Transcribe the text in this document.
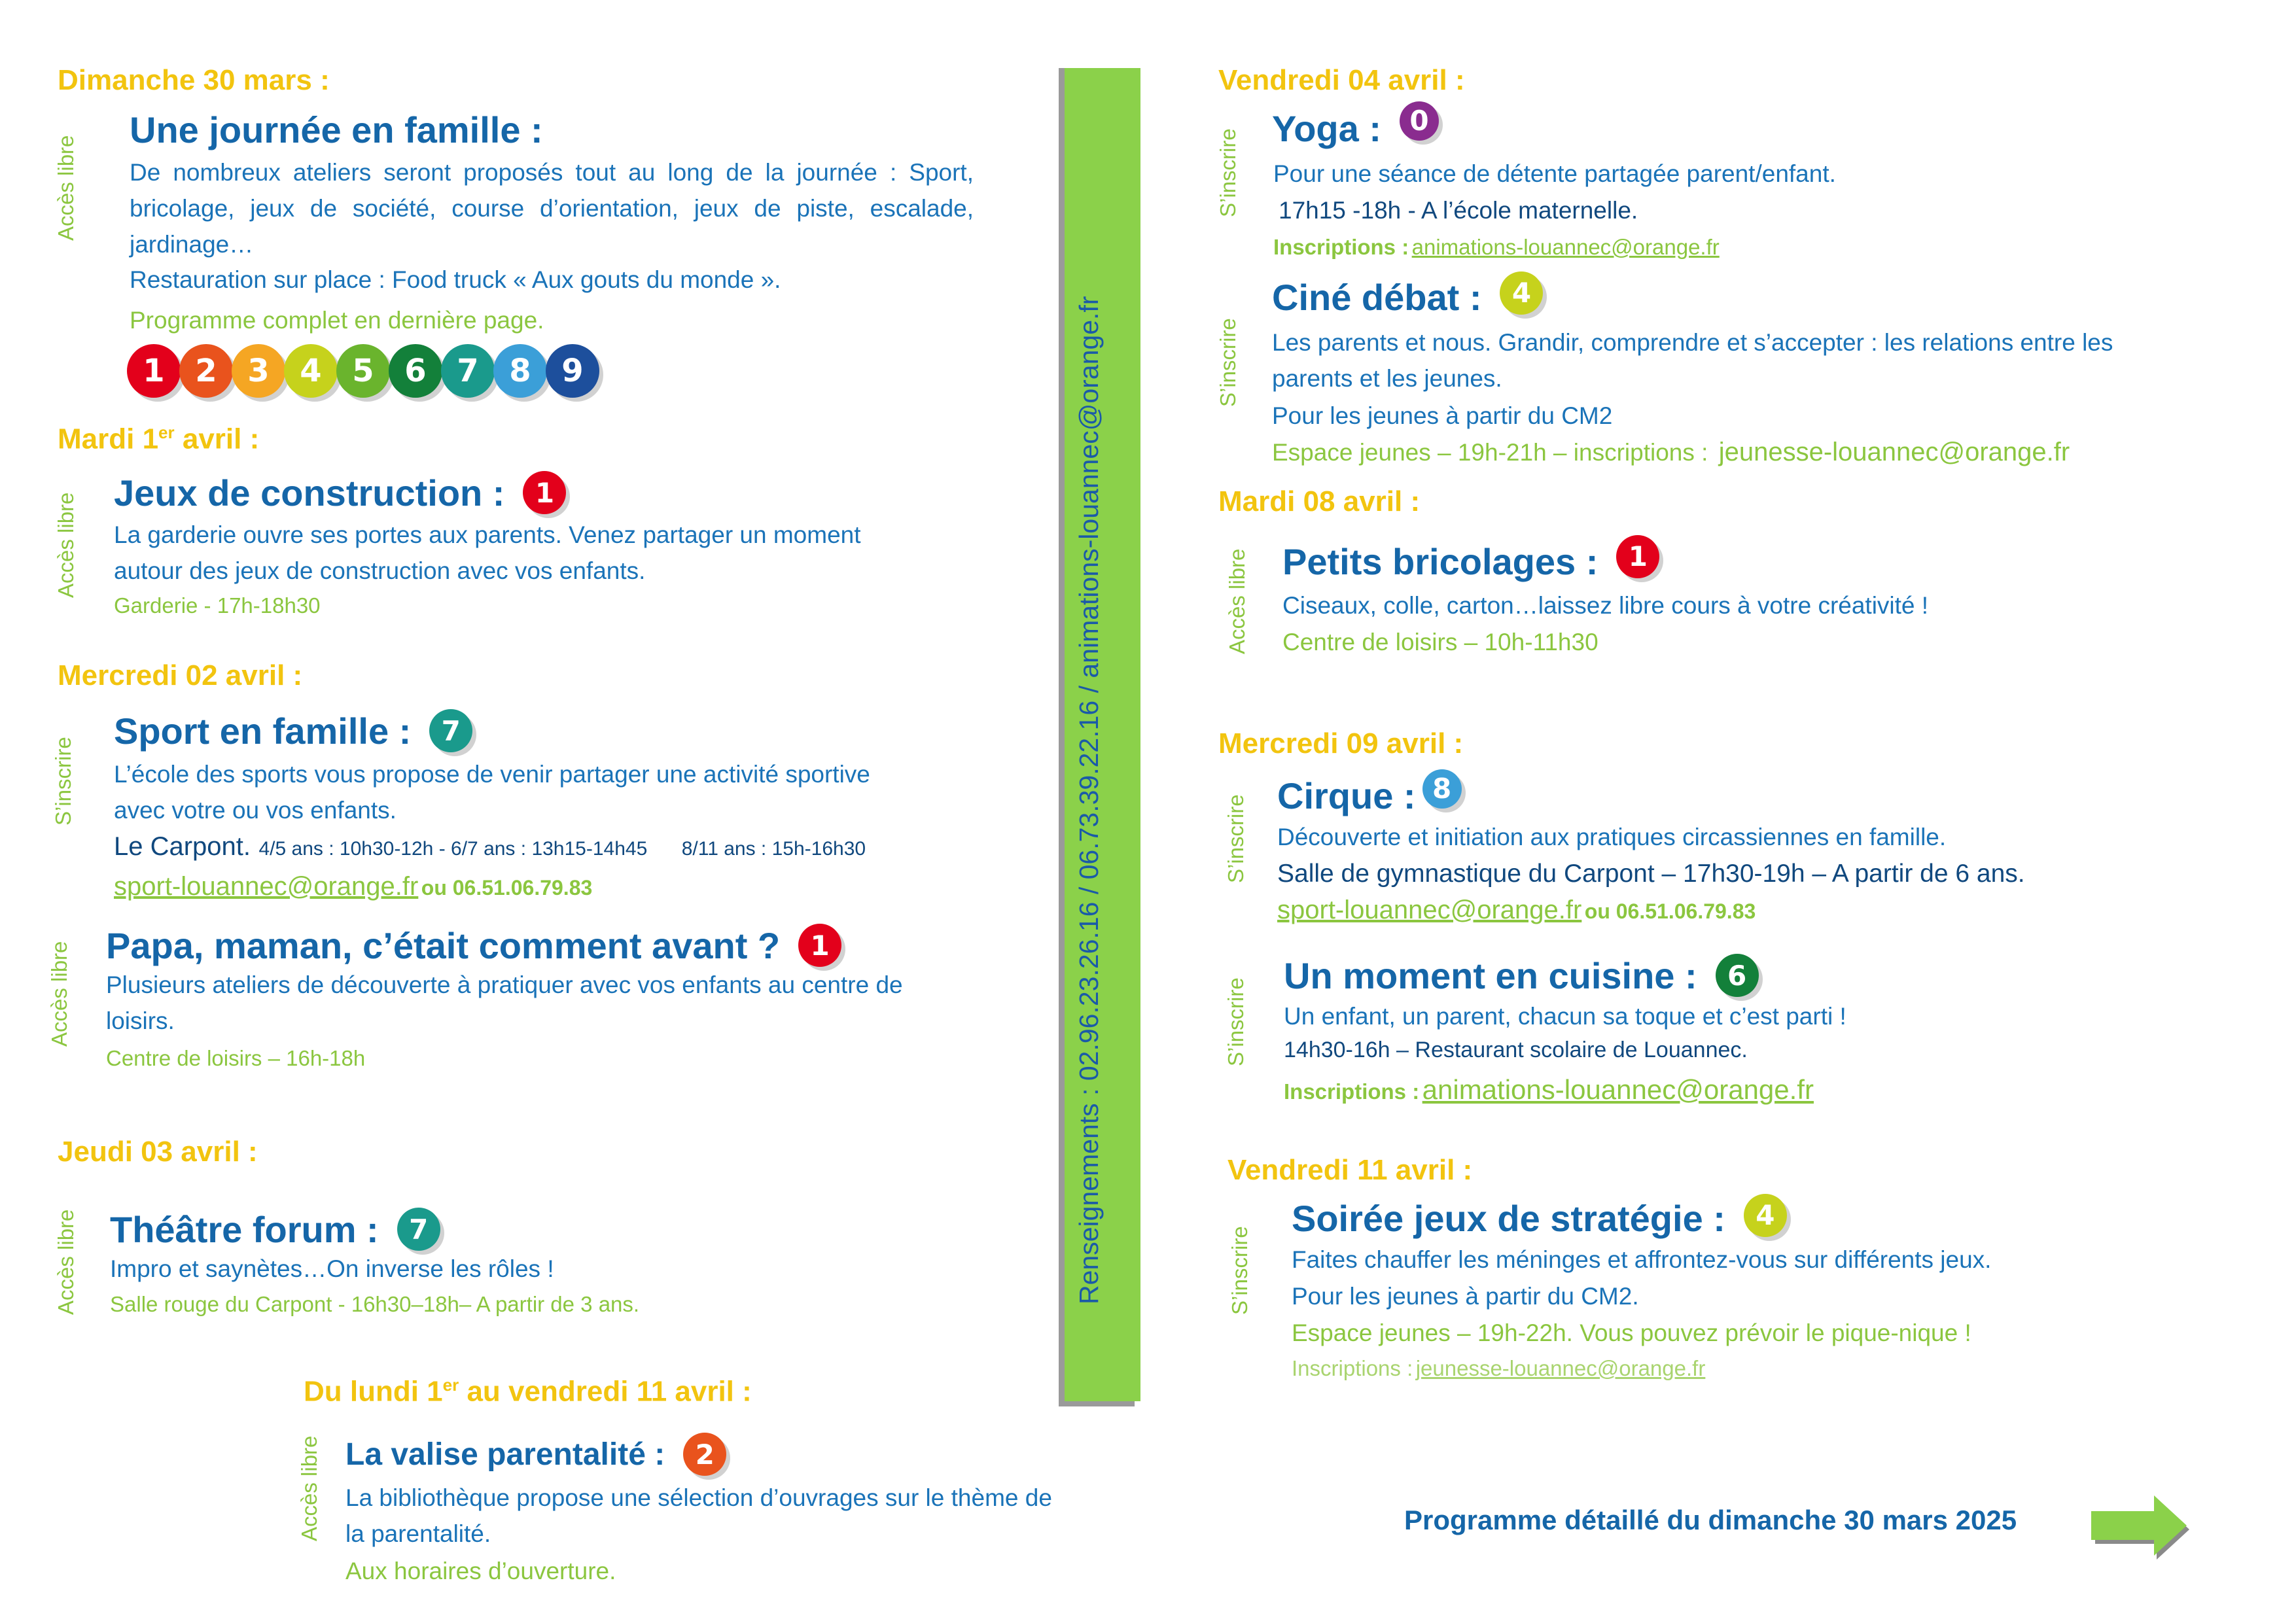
Renseignements : 02.96.23.26.16 / 06.73.39.22.16 / animations-louannec@orange.fr
Dimanche 30 mars :
Accès libre
Une journée en famille :
De nombreux ateliers seront proposés tout au long de la journée : Sport, bricolage, jeux de société, course d’orientation, jeux de piste, escalade, jardinage…
Restauration sur place : Food truck « Aux gouts du monde ».
Programme complet en dernière page.
1 2 3 4 5 6 7 8 9
Mardi 1er avril :
Accès libre Jeux de construction :	1
La garderie ouvre ses portes aux parents. Venez partager un moment autour des jeux de construction avec vos enfants.
Garderie - 17h-18h30
Mercredi 02 avril :
S’inscrire
Sport en famille :	7
L’école des sports vous propose de venir partager une activité sportive avec votre ou vos enfants.
Le Carpont. 4/5 ans : 10h30-12h - 6/7 ans : 13h15-14h45 8/11 ans : 15h-16h30
sport-louannec@orange.fr ou 06.51.06.79.83
Accès libre Papa, maman, c’était comment avant ?	1
Plusieurs ateliers de découverte à pratiquer avec vos enfants au centre de loisirs.
Centre de loisirs – 16h-18h
Jeudi 03 avril :
Accès libre Théâtre forum :	7
Impro et saynètes…On inverse les rôles !
Salle rouge du Carpont - 16h30–18h– A partir de 3 ans.
Du lundi 1er au vendredi 11 avril :
Accès libre La valise parentalité :	2
La bibliothèque propose une sélection d’ouvrages sur le thème de la parentalité.
Aux horaires d’ouverture.
Vendredi 04 avril :
S’inscrire Yoga :	0
Pour une séance de détente partagée parent/enfant.
17h15 -18h - A l’école maternelle.
Inscriptions : animations-louannec@orange.fr
S’inscrire
Ciné débat :	4
Les parents et nous. Grandir, comprendre et s’accepter : les relations entre les parents et les jeunes.
Pour les jeunes à partir du CM2
Espace jeunes – 19h-21h – inscriptions : jeunesse-louannec@orange.fr
Mardi 08 avril :
Accès libre Petits bricolages :	1
Ciseaux, colle, carton…laissez libre cours à votre créativité !
Centre de loisirs – 10h-11h30
Mercredi 09 avril :
S’inscrire Cirque : 8
Découverte et initiation aux pratiques circassiennes en famille.
Salle de gymnastique du Carpont – 17h30-19h – A partir de 6 ans.
sport-louannec@orange.fr ou 06.51.06.79.83
S’inscrire
Un moment en cuisine :	6
Un enfant, un parent, chacun sa toque et c’est parti !
14h30-16h – Restaurant scolaire de Louannec.
Inscriptions : animations-louannec@orange.fr
Vendredi 11 avril :
S’inscrire
Soirée jeux de stratégie :	4
Faites chauffer les méninges et affrontez-vous sur différents jeux.
Pour les jeunes à partir du CM2.
Espace jeunes – 19h-22h. Vous pouvez prévoir le pique-nique !
Inscriptions : jeunesse-louannec@orange.fr
Programme détaillé du dimanche 30 mars 2025
